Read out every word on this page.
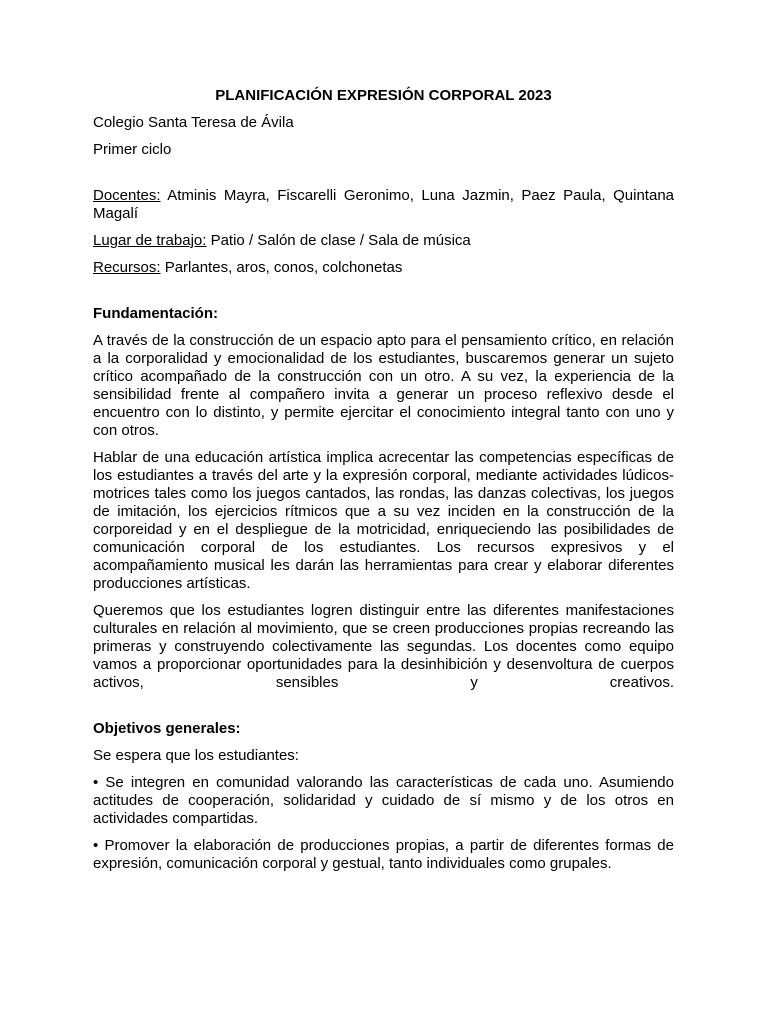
PLANIFICACIÓN EXPRESIÓN CORPORAL 2023

Colegio Santa Teresa de Ávila

Primer ciclo

Docentes: Atminis Mayra, Fiscarelli Geronimo, Luna Jazmin, Paez Paula, Quintana Magalí

Lugar de trabajo: Patio / Salón de clase / Sala de música

Recursos: Parlantes, aros, conos, colchonetas

Fundamentación:

A través de la construcción de un espacio apto para el pensamiento crítico, en relación a la corporalidad y emocionalidad de los estudiantes, buscaremos generar un sujeto crítico acompañado de la construcción con un otro. A su vez, la experiencia de la sensibilidad frente al compañero invita a generar un proceso reflexivo desde el encuentro con lo distinto, y permite ejercitar el conocimiento integral tanto con uno y con otros.

Hablar de una educación artística implica acrecentar las competencias específicas de los estudiantes a través del arte y la expresión corporal, mediante actividades lúdicos-motrices tales como los juegos cantados, las rondas, las danzas colectivas, los juegos de imitación, los ejercicios rítmicos que a su vez inciden en la construcción de la corporeidad y en el despliegue de la motricidad, enriqueciendo las posibilidades de comunicación corporal de los estudiantes. Los recursos expresivos y el acompañamiento musical les darán las herramientas para crear y elaborar diferentes producciones artísticas.

Queremos que los estudiantes logren distinguir entre las diferentes manifestaciones culturales en relación al movimiento, que se creen producciones propias recreando las primeras y construyendo colectivamente las segundas. Los docentes como equipo vamos a proporcionar oportunidades para la desinhibición y desenvoltura de cuerpos activos, sensibles y creativos.

Objetivos generales:

Se espera que los estudiantes:

• Se integren en comunidad valorando las características de cada uno. Asumiendo actitudes de cooperación, solidaridad y cuidado de sí mismo y de los otros en actividades compartidas.

• Promover la elaboración de producciones propias, a partir de diferentes formas de expresión, comunicación corporal y gestual, tanto individuales como grupales.
